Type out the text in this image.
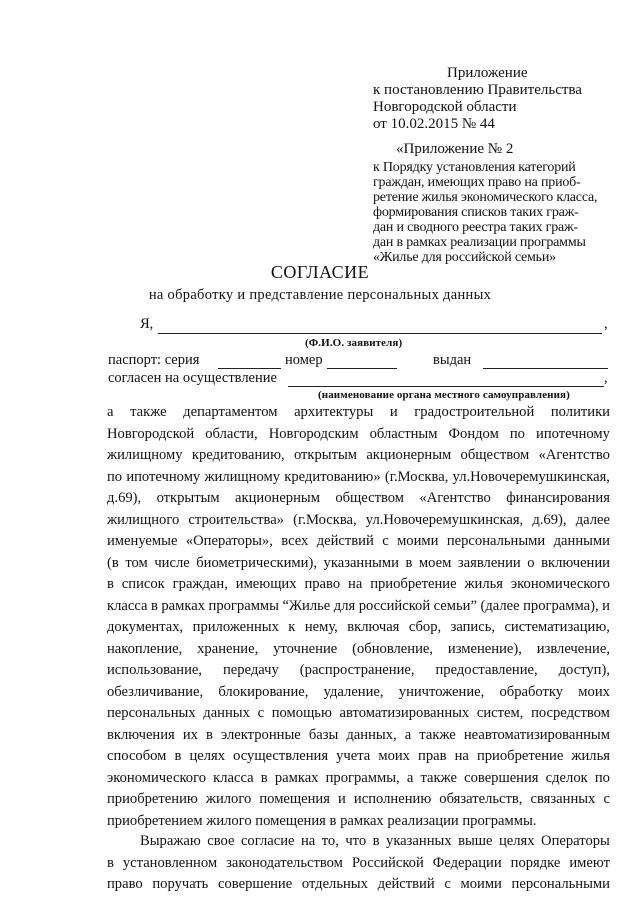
Приложение
к постановлению Правительства
Новгородской области
от 10.02.2015 № 44
«Приложение № 2
к Порядку установления категорий
граждан, имеющих право на приоб-
ретение жилья экономического класса,
формирования списков таких граж-
дан и сводного реестра таких граж-
дан в рамках реализации программы
«Жилье для российской семьи»
СОГЛАСИЕ
на обработку и представление персональных данных
Я,	,
(Ф.И.О. заявителя)
паспорт: серия	номер	выдан
согласен на осуществление	,
(наименование органа местного самоуправления)
а также департаментом архитектуры и градостроительной политики
Новгородской области, Новгородским областным Фондом по ипотечному
жилищному кредитованию, открытым акционерным обществом «Агентство
по ипотечному жилищному кредитованию» (г.Москва, ул.Новочеремушкинская,
д.69), открытым акционерным обществом «Агентство финансирования
жилищного строительства» (г.Москва, ул.Новочеремушкинская, д.69), далее
именуемые «Операторы», всех действий с моими персональными данными
(в том числе биометрическими), указанными в моем заявлении о включении
в список граждан, имеющих право на приобретение жилья экономического
класса в рамках программы “Жилье для российской семьи” (далее программа), и
документах, приложенных к нему, включая сбор, запись, систематизацию,
накопление, хранение, уточнение (обновление, изменение), извлечение,
использование, передачу (распространение, предоставление, доступ),
обезличивание, блокирование, удаление, уничтожение, обработку моих
персональных данных с помощью автоматизированных систем, посредством
включения их в электронные базы данных, а также неавтоматизированным
способом в целях осуществления учета моих прав на приобретение жилья
экономического класса в рамках программы, а также совершения сделок по
приобретению жилого помещения и исполнению обязательств, связанных с
приобретением жилого помещения в рамках реализации программы.
Выражаю свое согласие на то, что в указанных выше целях Операторы
в установленном законодательством Российской Федерации порядке имеют
право поручать совершение отдельных действий с моими персональными
